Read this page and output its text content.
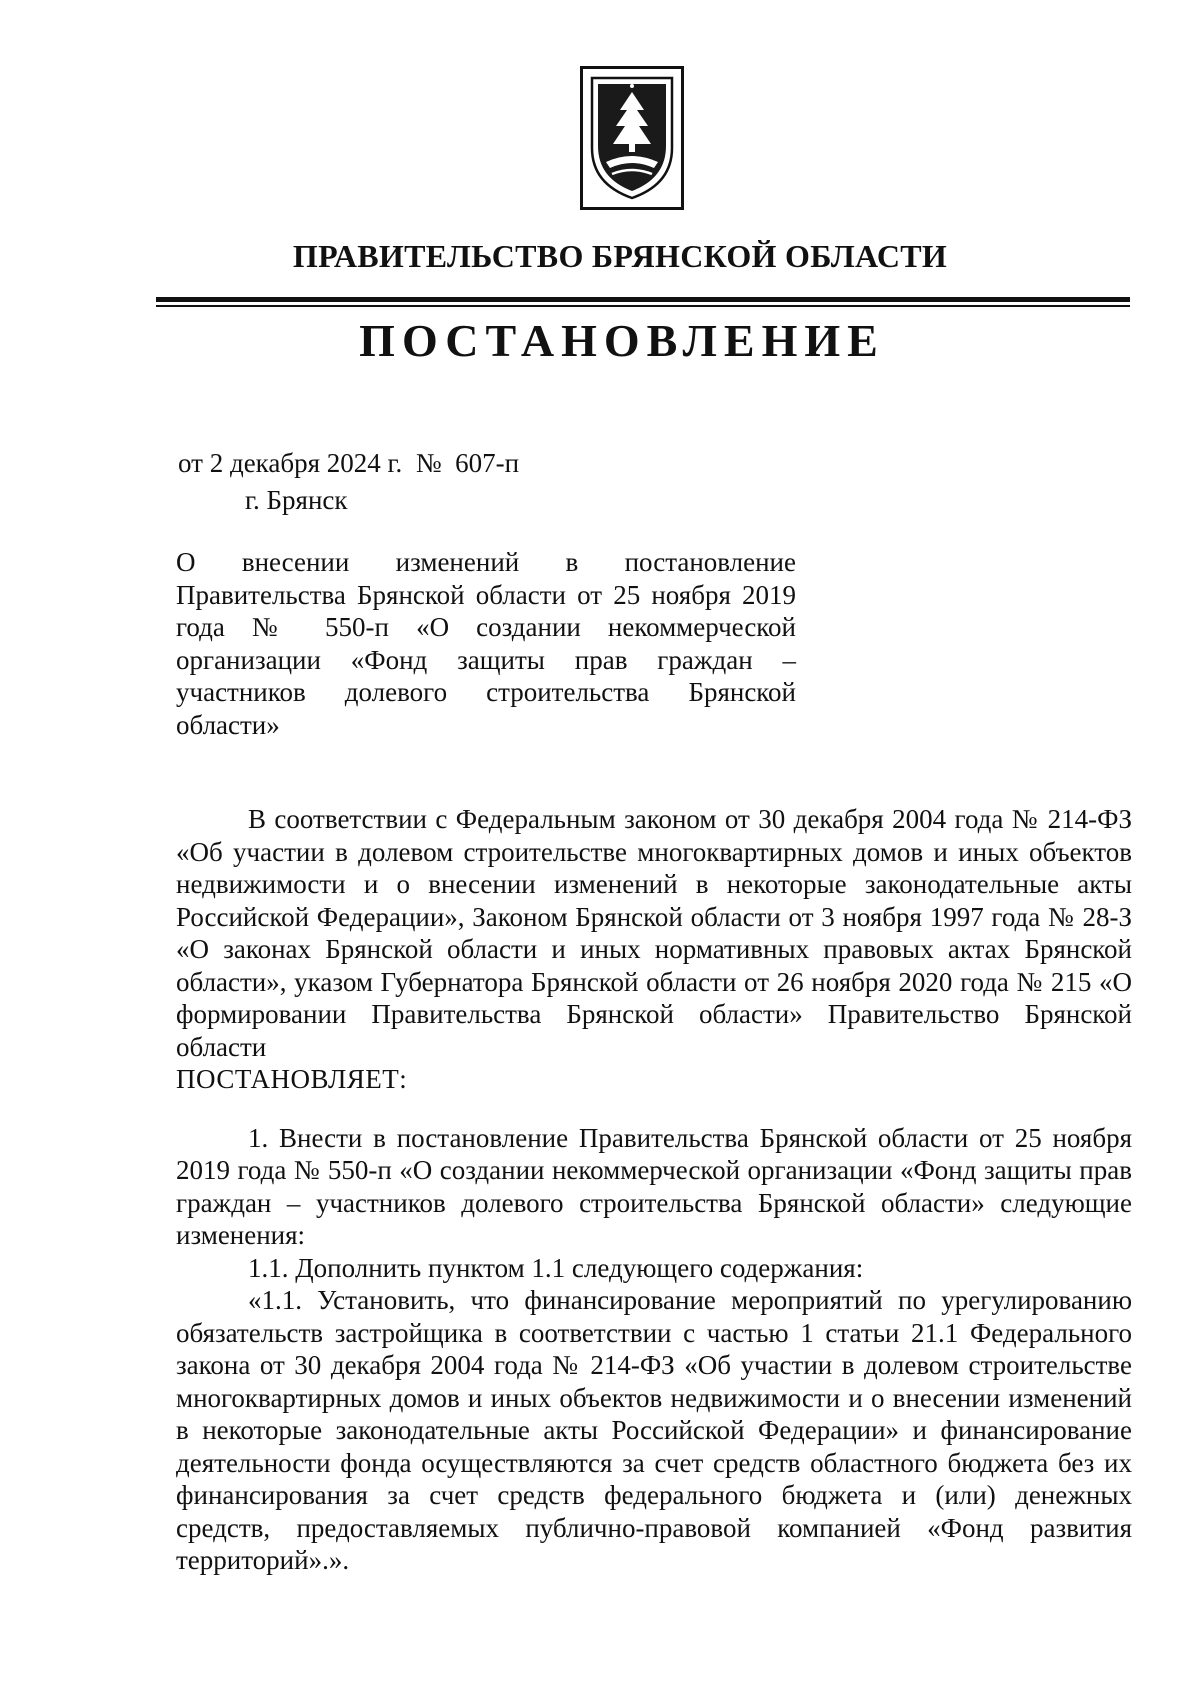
ПРАВИТЕЛЬСТВО БРЯНСКОЙ ОБЛАСТИ
ПОСТАНОВЛЕНИЕ
от 2 декабря 2024 г. № 607-п
г. Брянск
О внесении изменений в постановление Правительства Брянской области от 25 ноября 2019 года № 550-п «О создании некоммерческой организации «Фонд защиты прав граждан – участников долевого строительства Брянской области»

В соответствии с Федеральным законом от 30 декабря 2004 года № 214-ФЗ «Об участии в долевом строительстве многоквартирных домов и иных объектов недвижимости и о внесении изменений в некоторые законодательные акты Российской Федерации», Законом Брянской области от 3 ноября 1997 года № 28-З «О законах Брянской области и иных нормативных правовых актах Брянской области», указом Губернатора Брянской области от 26 ноября 2020 года № 215 «О формировании Правительства Брянской области» Правительство Брянской области

ПОСТАНОВЛЯЕТ:

1. Внести в постановление Правительства Брянской области от 25 ноября 2019 года № 550-п «О создании некоммерческой организации «Фонд защиты прав граждан – участников долевого строительства Брянской области» следующие изменения:

1.1. Дополнить пунктом 1.1 следующего содержания:

«1.1. Установить, что финансирование мероприятий по урегулированию обязательств застройщика в соответствии с частью 1 статьи 21.1 Федерального закона от 30 декабря 2004 года № 214-ФЗ «Об участии в долевом строительстве многоквартирных домов и иных объектов недвижимости и о внесении изменений в некоторые законодательные акты Российской Федерации» и финансирование деятельности фонда осуществляются за счет средств областного бюджета без их финансирования за счет средств федерального бюджета и (или) денежных средств, предоставляемых публично-правовой компанией «Фонд развития территорий».».
